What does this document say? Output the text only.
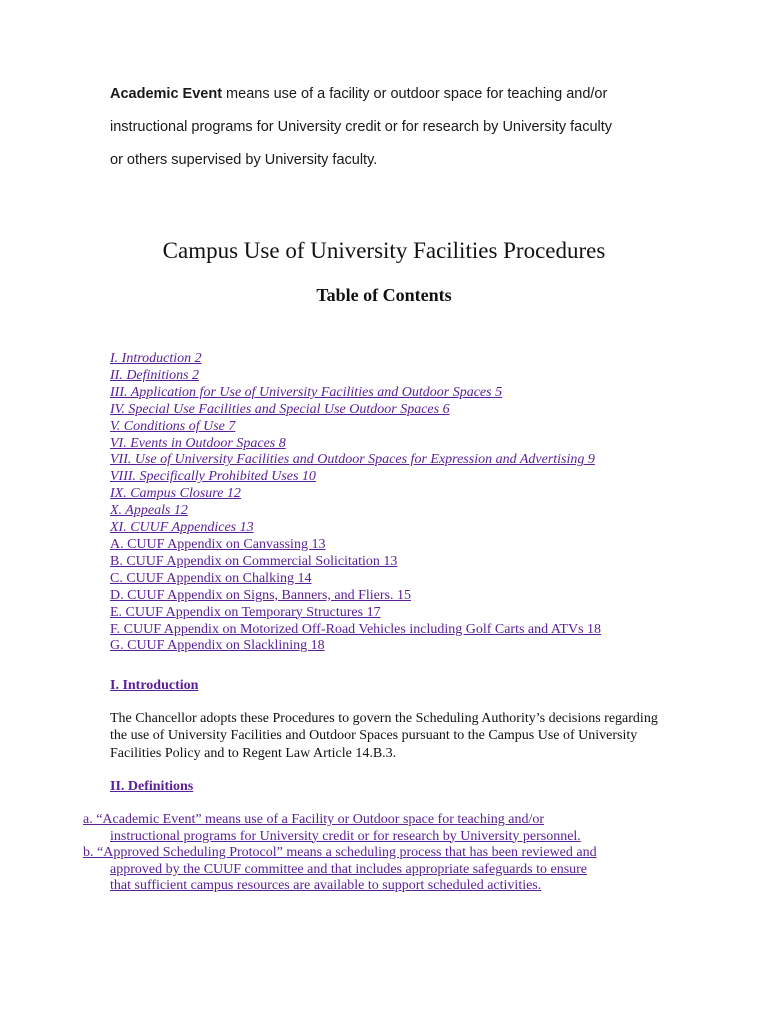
Academic Event means use of a facility or outdoor space for teaching and/or

instructional programs for University credit or for research by University faculty

or others supervised by University faculty.

Campus Use of University Facilities Procedures
Table of Contents
I. Introduction 2
II. Definitions 2
III. Application for Use of University Facilities and Outdoor Spaces 5
IV. Special Use Facilities and Special Use Outdoor Spaces 6
V. Conditions of Use 7
VI. Events in Outdoor Spaces 8
VII. Use of University Facilities and Outdoor Spaces for Expression and Advertising 9
VIII. Specifically Prohibited Uses 10
IX. Campus Closure 12
X. Appeals 12
XI. CUUF Appendices 13
A. CUUF Appendix on Canvassing 13
B. CUUF Appendix on Commercial Solicitation 13
C. CUUF Appendix on Chalking 14
D. CUUF Appendix on Signs, Banners, and Fliers. 15
E. CUUF Appendix on Temporary Structures 17
F. CUUF Appendix on Motorized Off-Road Vehicles including Golf Carts and ATVs 18
G. CUUF Appendix on Slacklining 18
I. Introduction

The Chancellor adopts these Procedures to govern the Scheduling Authority’s decisions regarding the use of University Facilities and Outdoor Spaces pursuant to the Campus Use of University Facilities Policy and to Regent Law Article 14.B.3.

II. Definitions
a. “Academic Event” means use of a Facility or Outdoor space for teaching and/or
instructional programs for University credit or for research by University personnel.
b. “Approved Scheduling Protocol” means a scheduling process that has been reviewed and
approved by the CUUF committee and that includes appropriate safeguards to ensure
that sufficient campus resources are available to support scheduled activities.
